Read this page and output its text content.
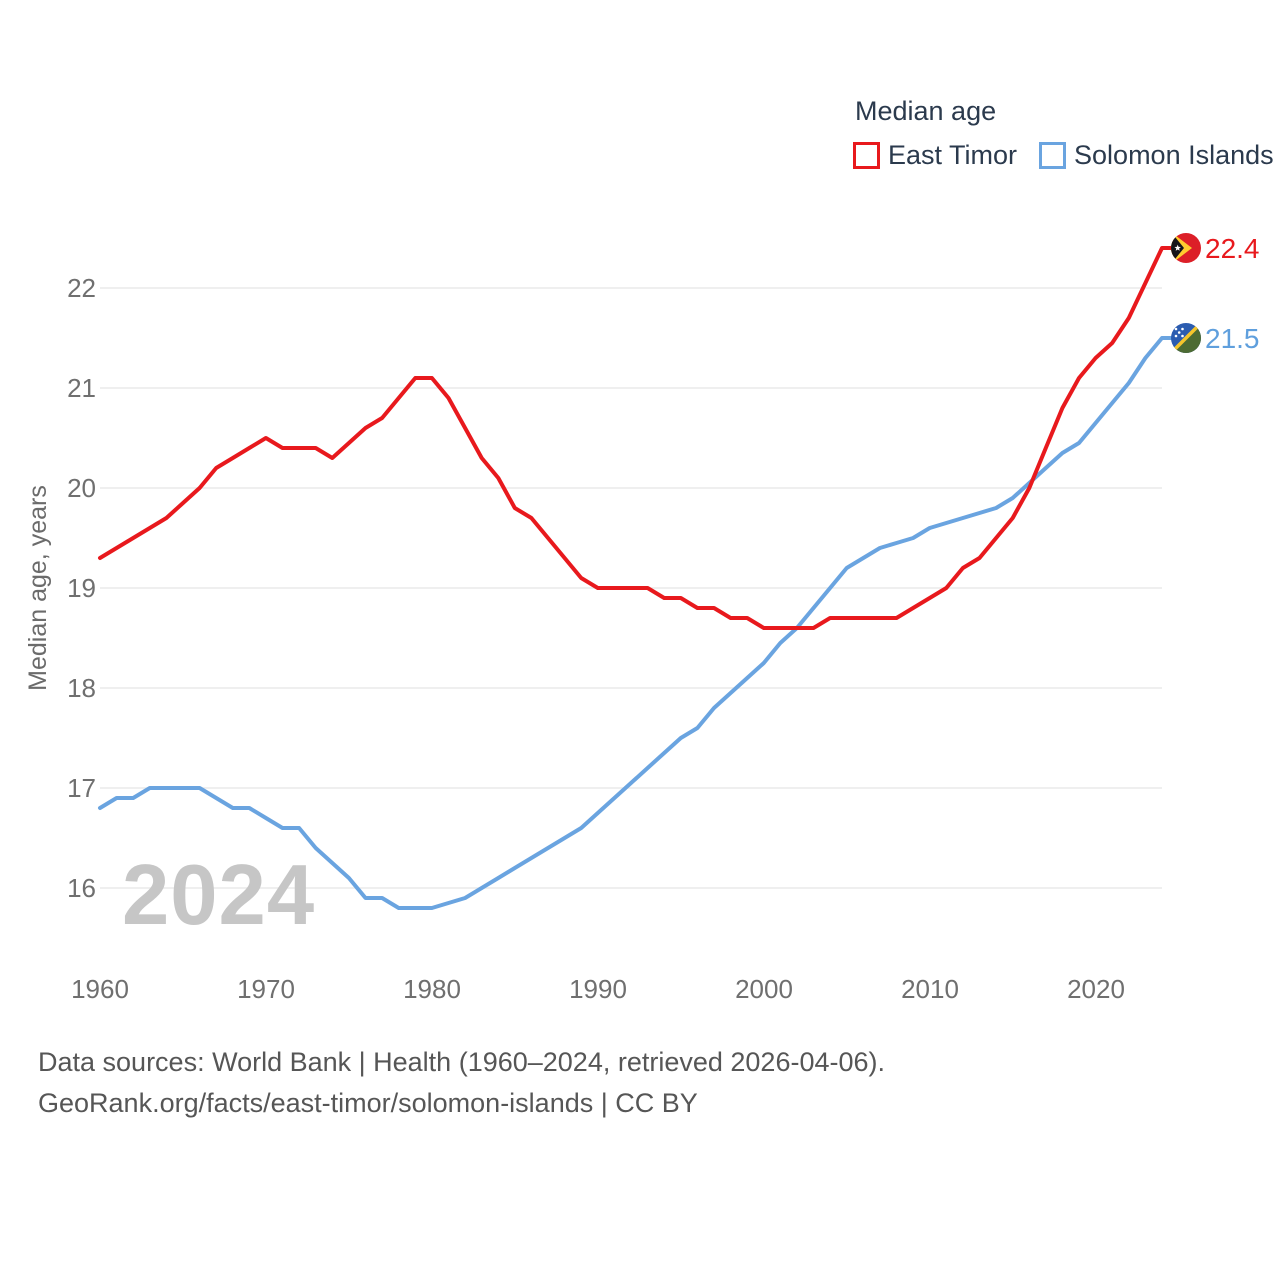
2024
22
21
20
19
18
17
16
1960	1970	1980	1990	2000	2010	2020
Median age, years
22.4
21.5
Median age
East Timor Solomon Islands
Data sources: World Bank | Health (1960–2024, retrieved 2026-04-06).
GeoRank.org/facts/east-timor/solomon-islands | CC BY
